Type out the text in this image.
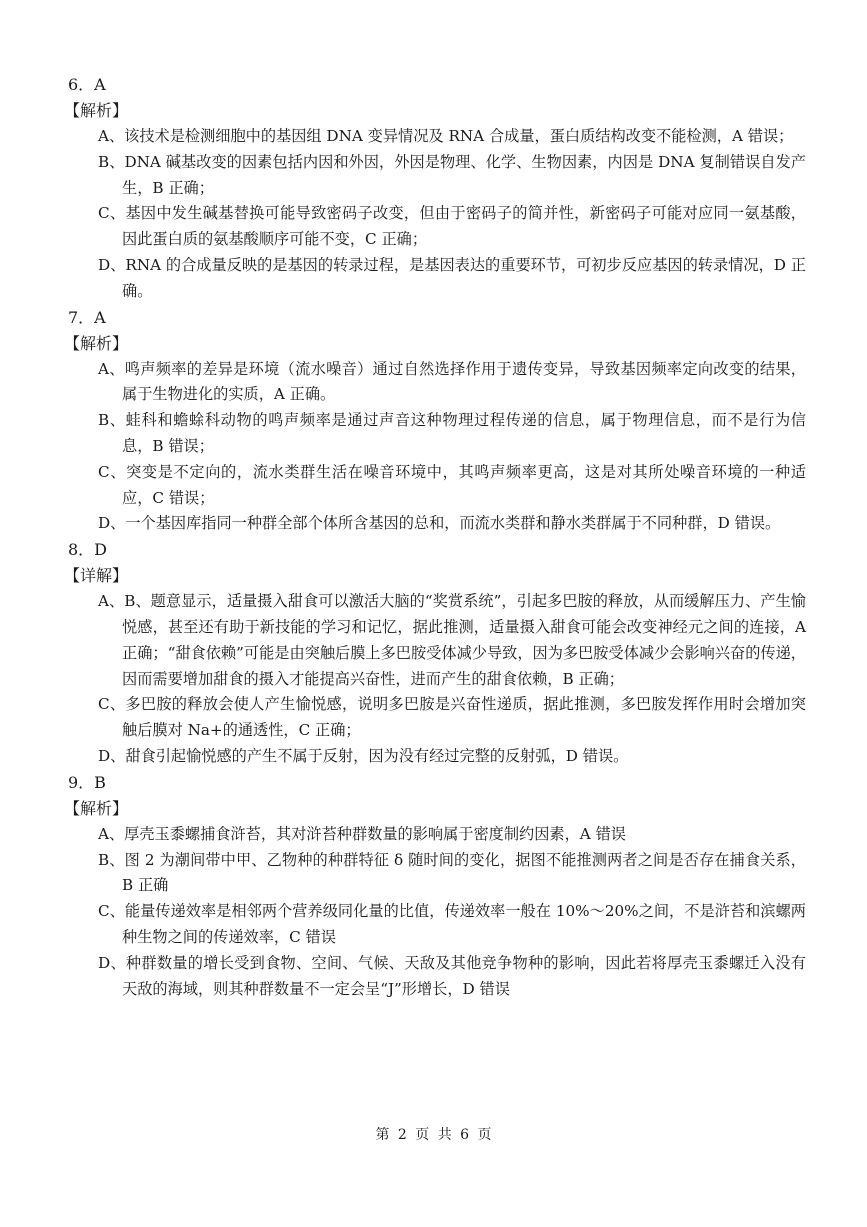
6．A
【解析】
A、该技术是检测细胞中的基因组 DNA 变异情况及 RNA 合成量，蛋白质结构改变不能检测，A 错误；
B、DNA 碱基改变的因素包括内因和外因，外因是物理、化学、生物因素，内因是 DNA 复制错误自发产生，B 正确；
C、基因中发生碱基替换可能导致密码子改变，但由于密码子的简并性，新密码子可能对应同一氨基酸，因此蛋白质的氨基酸顺序可能不变，C 正确；
D、RNA 的合成量反映的是基因的转录过程，是基因表达的重要环节，可初步反应基因的转录情况，D 正确。
7．A
【解析】
A、鸣声频率的差异是环境（流水噪音）通过自然选择作用于遗传变异，导致基因频率定向改变的结果，属于生物进化的实质，A 正确。
B、蛙科和蟾蜍科动物的鸣声频率是通过声音这种物理过程传递的信息，属于物理信息，而不是行为信息，B 错误；
C、突变是不定向的，流水类群生活在噪音环境中，其鸣声频率更高，这是对其所处噪音环境的一种适应，C 错误；
D、一个基因库指同一种群全部个体所含基因的总和，而流水类群和静水类群属于不同种群，D 错误。
8．D
【详解】
A、B、题意显示，适量摄入甜食可以激活大脑的“奖赏系统”，引起多巴胺的释放，从而缓解压力、产生愉悦感，甚至还有助于新技能的学习和记忆，据此推测，适量摄入甜食可能会改变神经元之间的连接，A 正确；“甜食依赖”可能是由突触后膜上多巴胺受体减少导致，因为多巴胺受体减少会影响兴奋的传递，因而需要增加甜食的摄入才能提高兴奋性，进而产生的甜食依赖，B 正确；
C、多巴胺的释放会使人产生愉悦感，说明多巴胺是兴奋性递质，据此推测，多巴胺发挥作用时会增加突触后膜对 Na+的通透性，C 正确；
D、甜食引起愉悦感的产生不属于反射，因为没有经过完整的反射弧，D 错误。
9．B
【解析】
A、厚壳玉黍螺捕食浒苔，其对浒苔种群数量的影响属于密度制约因素，A 错误
B、图 2 为潮间带中甲、乙物种的种群特征 δ 随时间的变化，据图不能推测两者之间是否存在捕食关系，B 正确
C、能量传递效率是相邻两个营养级同化量的比值，传递效率一般在 10%～20%之间，不是浒苔和滨螺两种生物之间的传递效率，C 错误
D、种群数量的增长受到食物、空间、气候、天敌及其他竞争物种的影响，因此若将厚壳玉黍螺迁入没有天敌的海域，则其种群数量不一定会呈“J”形增长，D 错误
第 2 页 共 6 页
